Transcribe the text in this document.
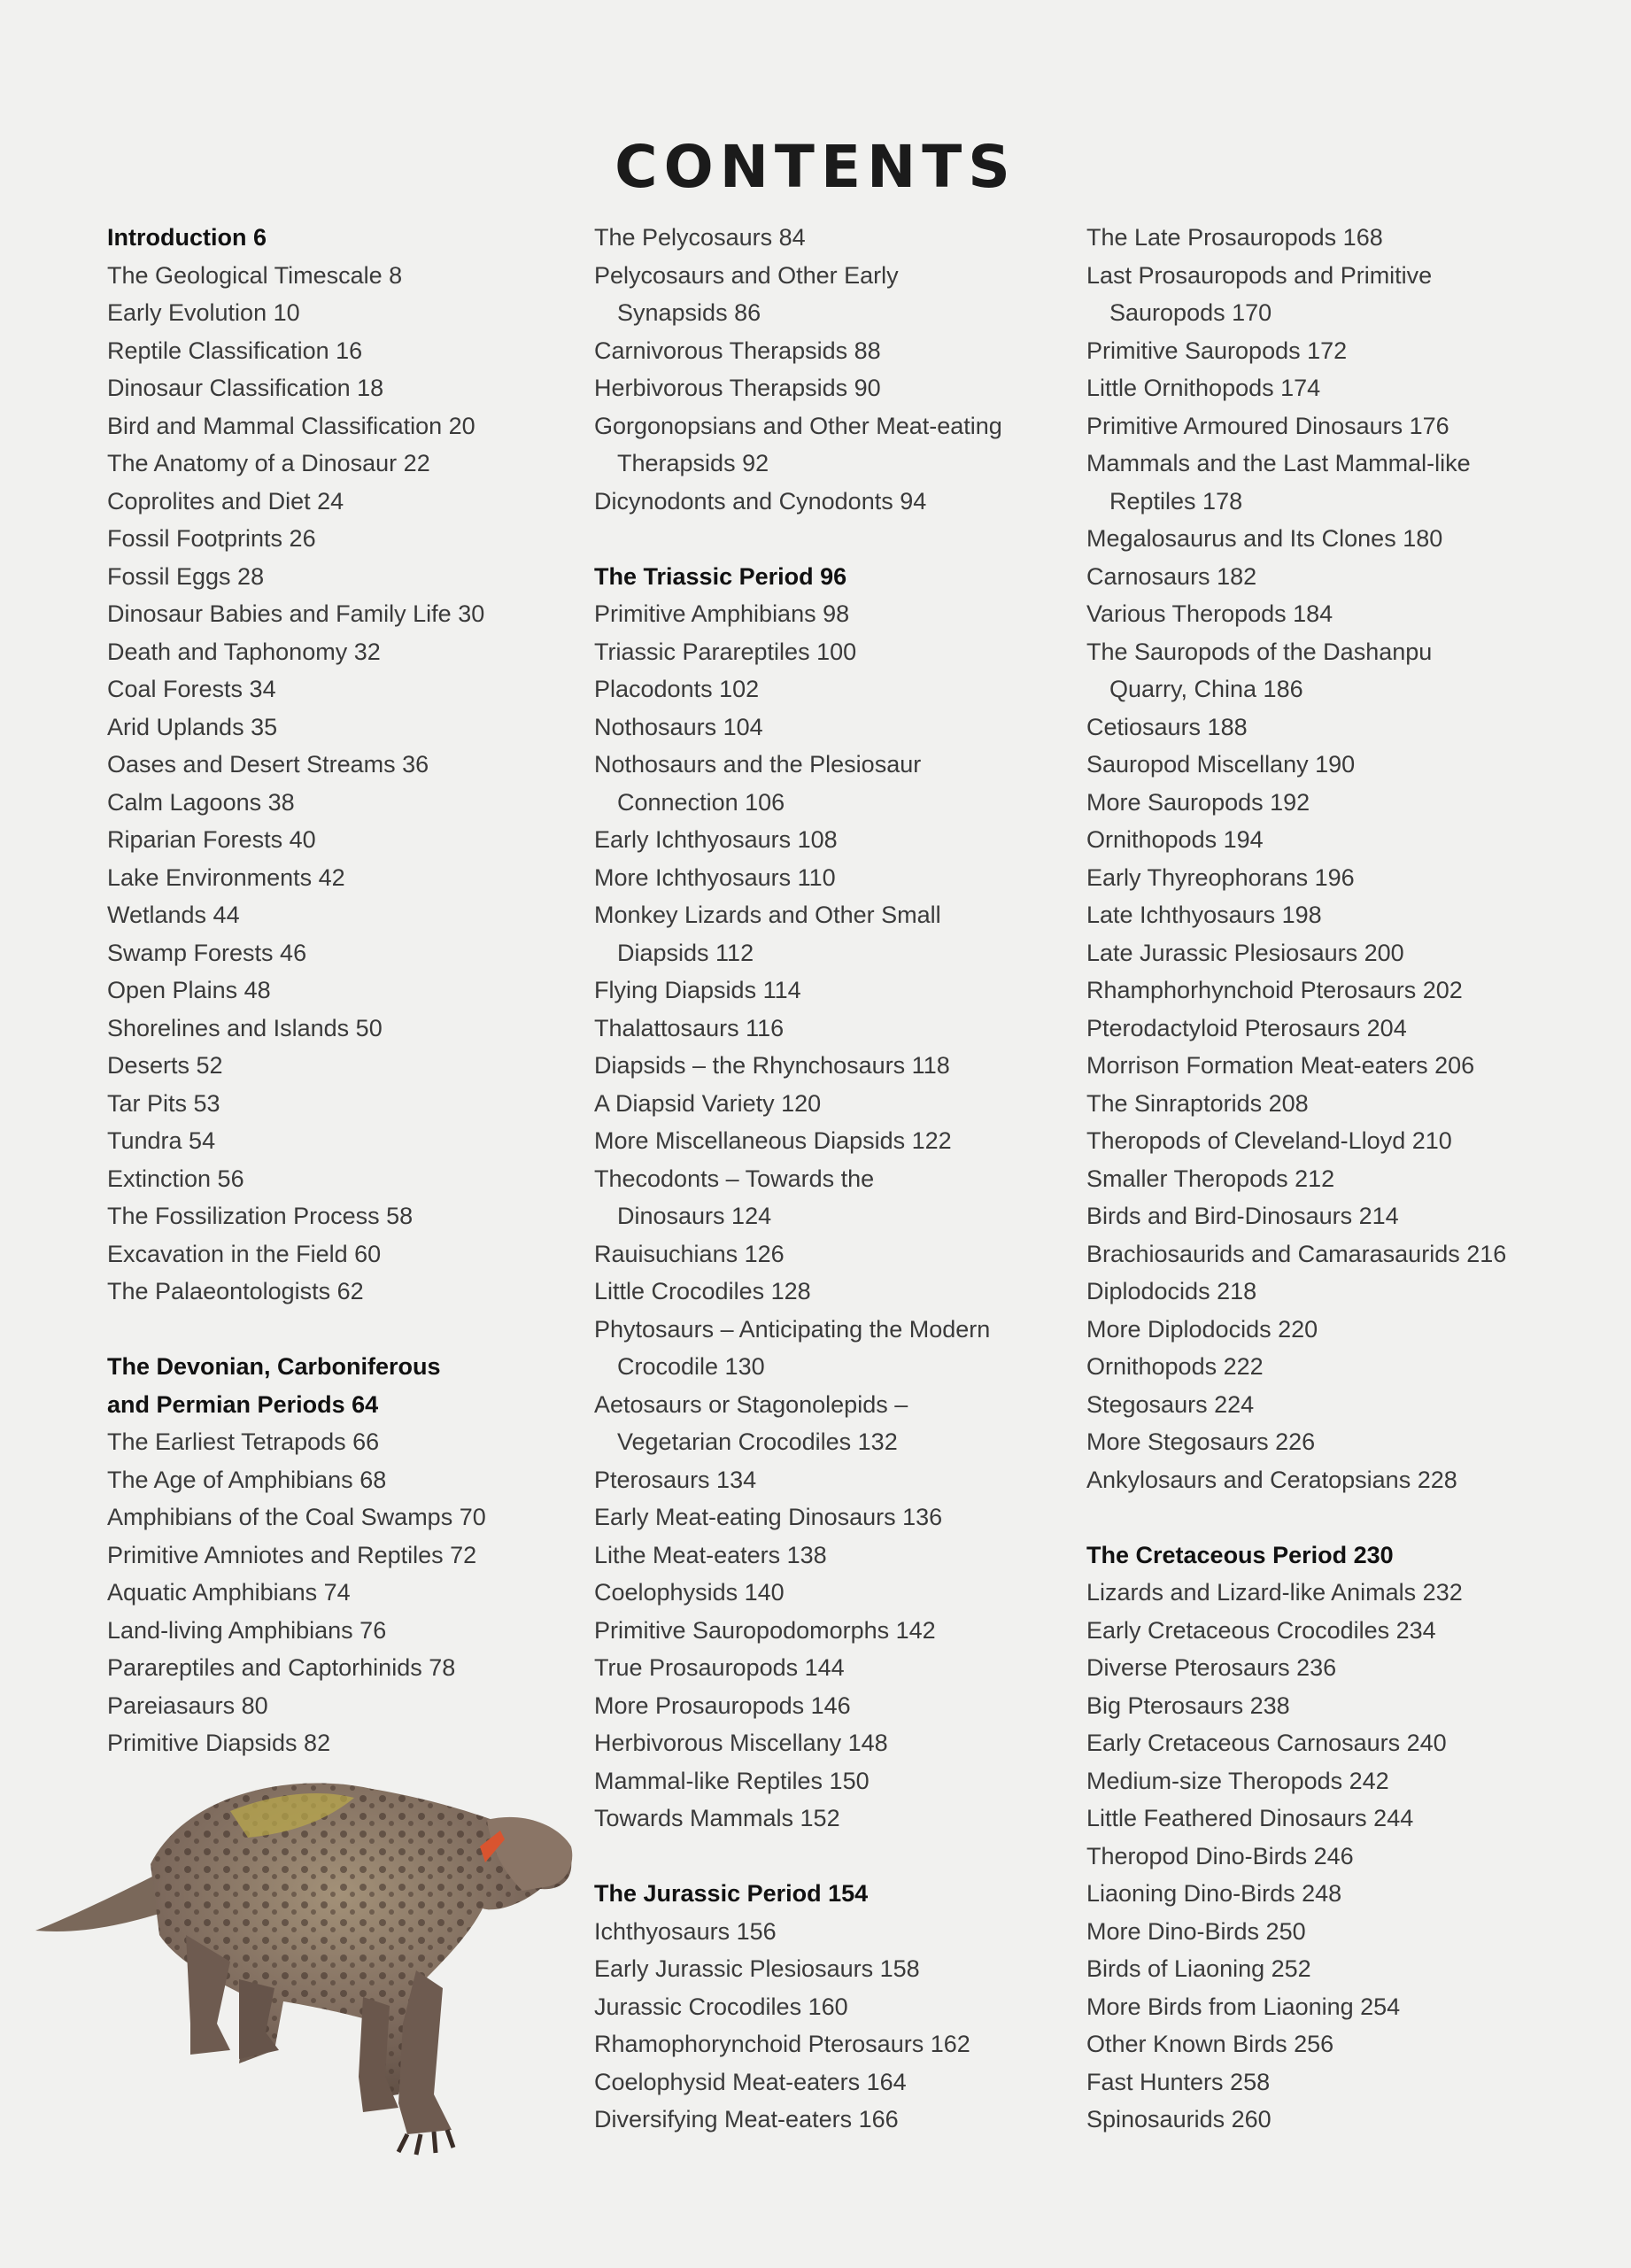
CONTENTS
Introduction 6
The Geological Timescale 8
Early Evolution 10
Reptile Classification 16
Dinosaur Classification 18
Bird and Mammal Classification 20
The Anatomy of a Dinosaur 22
Coprolites and Diet 24
Fossil Footprints 26
Fossil Eggs 28
Dinosaur Babies and Family Life 30
Death and Taphonomy 32
Coal Forests 34
Arid Uplands 35
Oases and Desert Streams 36
Calm Lagoons 38
Riparian Forests 40
Lake Environments 42
Wetlands 44
Swamp Forests 46
Open Plains 48
Shorelines and Islands 50
Deserts 52
Tar Pits 53
Tundra 54
Extinction 56
The Fossilization Process 58
Excavation in the Field 60
The Palaeontologists 62
The Devonian, Carboniferous
and Permian Periods 64
The Earliest Tetrapods 66
The Age of Amphibians 68
Amphibians of the Coal Swamps 70
Primitive Amniotes and Reptiles 72
Aquatic Amphibians 74
Land-living Amphibians 76
Parareptiles and Captorhinids 78
Pareiasaurs 80
Primitive Diapsids 82
The Pelycosaurs 84
Pelycosaurs and Other Early
Synapsids 86
Carnivorous Therapsids 88
Herbivorous Therapsids 90
Gorgonopsians and Other Meat-eating
Therapsids 92
Dicynodonts and Cynodonts 94
The Triassic Period 96
Primitive Amphibians 98
Triassic Parareptiles 100
Placodonts 102
Nothosaurs 104
Nothosaurs and the Plesiosaur
Connection 106
Early Ichthyosaurs 108
More Ichthyosaurs 110
Monkey Lizards and Other Small
Diapsids 112
Flying Diapsids 114
Thalattosaurs 116
Diapsids – the Rhynchosaurs 118
A Diapsid Variety 120
More Miscellaneous Diapsids 122
Thecodonts – Towards the
Dinosaurs 124
Rauisuchians 126
Little Crocodiles 128
Phytosaurs – Anticipating the Modern
Crocodile 130
Aetosaurs or Stagonolepids –
Vegetarian Crocodiles 132
Pterosaurs 134
Early Meat-eating Dinosaurs 136
Lithe Meat-eaters 138
Coelophysids 140
Primitive Sauropodomorphs 142
True Prosauropods 144
More Prosauropods 146
Herbivorous Miscellany 148
Mammal-like Reptiles 150
Towards Mammals 152
The Jurassic Period 154
Ichthyosaurs 156
Early Jurassic Plesiosaurs 158
Jurassic Crocodiles 160
Rhamophorynchoid Pterosaurs 162
Coelophysid Meat-eaters 164
Diversifying Meat-eaters 166
The Late Prosauropods 168
Last Prosauropods and Primitive
Sauropods 170
Primitive Sauropods 172
Little Ornithopods 174
Primitive Armoured Dinosaurs 176
Mammals and the Last Mammal-like
Reptiles 178
Megalosaurus and Its Clones 180
Carnosaurs 182
Various Theropods 184
The Sauropods of the Dashanpu
Quarry, China 186
Cetiosaurs 188
Sauropod Miscellany 190
More Sauropods 192
Ornithopods 194
Early Thyreophorans 196
Late Ichthyosaurs 198
Late Jurassic Plesiosaurs 200
Rhamphorhynchoid Pterosaurs 202
Pterodactyloid Pterosaurs 204
Morrison Formation Meat-eaters 206
The Sinraptorids 208
Theropods of Cleveland-Lloyd 210
Smaller Theropods 212
Birds and Bird-Dinosaurs 214
Brachiosaurids and Camarasaurids 216
Diplodocids 218
More Diplodocids 220
Ornithopods 222
Stegosaurs 224
More Stegosaurs 226
Ankylosaurs and Ceratopsians 228
The Cretaceous Period 230
Lizards and Lizard-like Animals 232
Early Cretaceous Crocodiles 234
Diverse Pterosaurs 236
Big Pterosaurs 238
Early Cretaceous Carnosaurs 240
Medium-size Theropods 242
Little Feathered Dinosaurs 244
Theropod Dino-Birds 246
Liaoning Dino-Birds 248
More Dino-Birds 250
Birds of Liaoning 252
More Birds from Liaoning 254
Other Known Birds 256
Fast Hunters 258
Spinosaurids 260
